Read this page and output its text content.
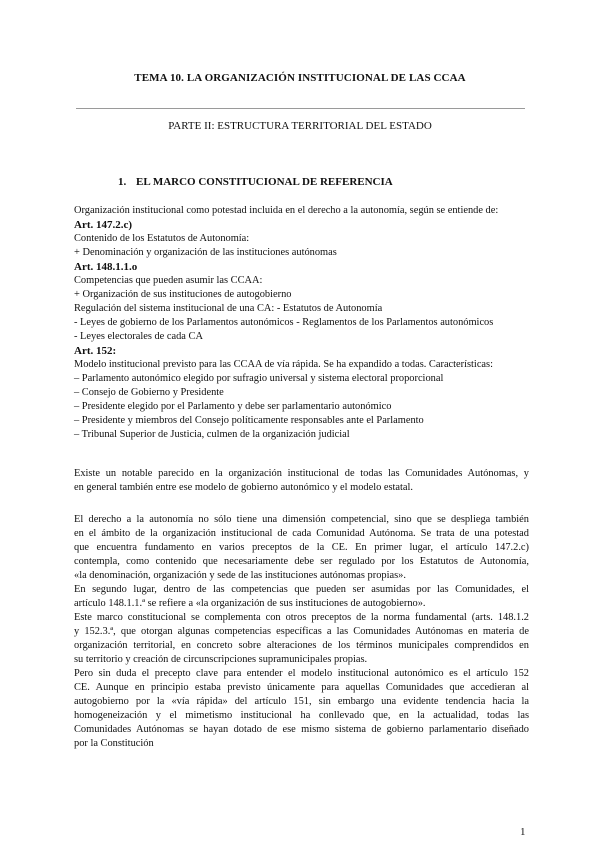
TEMA 10. LA ORGANIZACIÓN INSTITUCIONAL DE LAS CCAA
PARTE II: ESTRUCTURA TERRITORIAL DEL ESTADO
1. EL MARCO CONSTITUCIONAL DE REFERENCIA
Organización institucional como potestad incluida en el derecho a la autonomía, según se entiende de:
Art. 147.2.c)
Contenido de los Estatutos de Autonomía:
+ Denominación y organización de las instituciones autónomas
Art. 148.1.1.o
Competencias que pueden asumir las CCAA:
+ Organización de sus instituciones de autogobierno
Regulación del sistema institucional de una CA: - Estatutos de Autonomía
- Leyes de gobierno de los Parlamentos autonómicos - Reglamentos de los Parlamentos autonómicos
- Leyes electorales de cada CA
Art. 152:
Modelo institucional previsto para las CCAA de vía rápida. Se ha expandido a todas. Características:
– Parlamento autonómico elegido por sufragio universal y sistema electoral proporcional
– Consejo de Gobierno y Presidente
– Presidente elegido por el Parlamento y debe ser parlamentario autonómico
– Presidente y miembros del Consejo políticamente responsables ante el Parlamento
– Tribunal Superior de Justicia, culmen de la organización judicial
Existe un notable parecido en la organización institucional de todas las Comunidades Autónomas, y
en general también entre ese modelo de gobierno autonómico y el modelo estatal.
El derecho a la autonomía no sólo tiene una dimensión competencial, sino que se despliega también
en el ámbito de la organización institucional de cada Comunidad Autónoma. Se trata de una potestad
que encuentra fundamento en varios preceptos de la CE. En primer lugar, el artículo 147.2.c)
contempla, como contenido que necesariamente debe ser regulado por los Estatutos de Autonomía,
«la denominación, organización y sede de las instituciones autónomas propias».
En segundo lugar, dentro de las competencias que pueden ser asumidas por las Comunidades, el
artículo 148.1.1.ª se refiere a «la organización de sus instituciones de autogobierno».
Este marco constitucional se complementa con otros preceptos de la norma fundamental (arts. 148.1.2
y 152.3.ª, que otorgan algunas competencias específicas a las Comunidades Autónomas en materia de
organización territorial, en concreto sobre alteraciones de los términos municipales comprendidos en
su territorio y creación de circunscripciones supramunicipales propias.
Pero sin duda el precepto clave para entender el modelo institucional autonómico es el artículo 152
CE. Aunque en principio estaba previsto únicamente para aquellas Comunidades que accedieran al
autogobierno por la «vía rápida» del artículo 151, sin embargo una evidente tendencia hacia la
homogeneización y el mimetismo institucional ha conllevado que, en la actualidad, todas las
Comunidades Autónomas se hayan dotado de ese mismo sistema de gobierno parlamentario diseñado
por la Constitución
1
